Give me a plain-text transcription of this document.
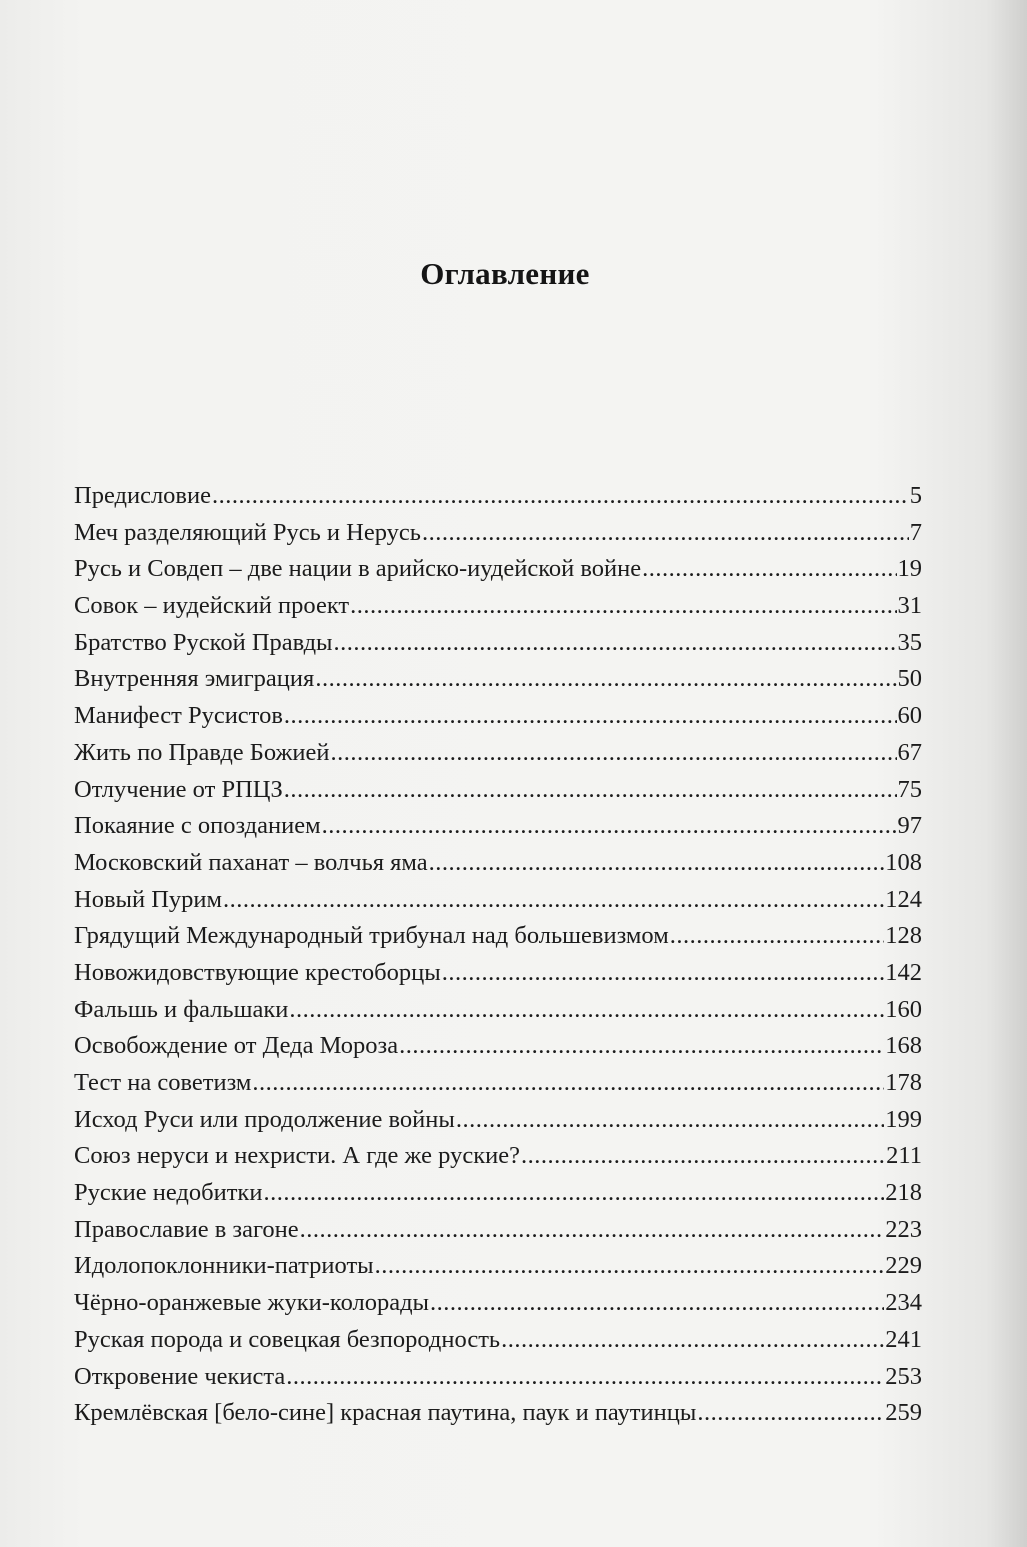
Оглавление
Предисловие .....	5
Меч разделяющий Русь и Нерусь .....	7
Русь и Совдеп – две нации в арийско-иудейской войне .....	19
Совок – иудейский проект .....	31
Братство Руской Правды .....	35
Внутренняя эмиграция .....	50
Манифест Русистов .....	60
Жить по Правде Божией .....	67
Отлучение от РПЦЗ .....	75
Покаяние с опозданием .....	97
Московский паханат – волчья яма .....	108
Новый Пурим .....	124
Грядущий Международный трибунал над большевизмом .....	128
Новожидовствующие крестоборцы .....	142
Фальшь и фальшаки .....	160
Освобождение от Деда Мороза .....	168
Тест на советизм .....	178
Исход Руси или продолжение войны .....	199
Союз неруси и нехристи. А где же руские? .....	211
Руские недобитки .....	218
Православие в загоне .....	223
Идолопоклонники-патриоты .....	229
Чёрно-оранжевые жуки-колорады .....	234
Руская порода и совецкая безпородность .....	241
Откровение чекиста .....	253
Кремлёвская [бело-сине] красная паутина, паук и паутинцы .....	259
